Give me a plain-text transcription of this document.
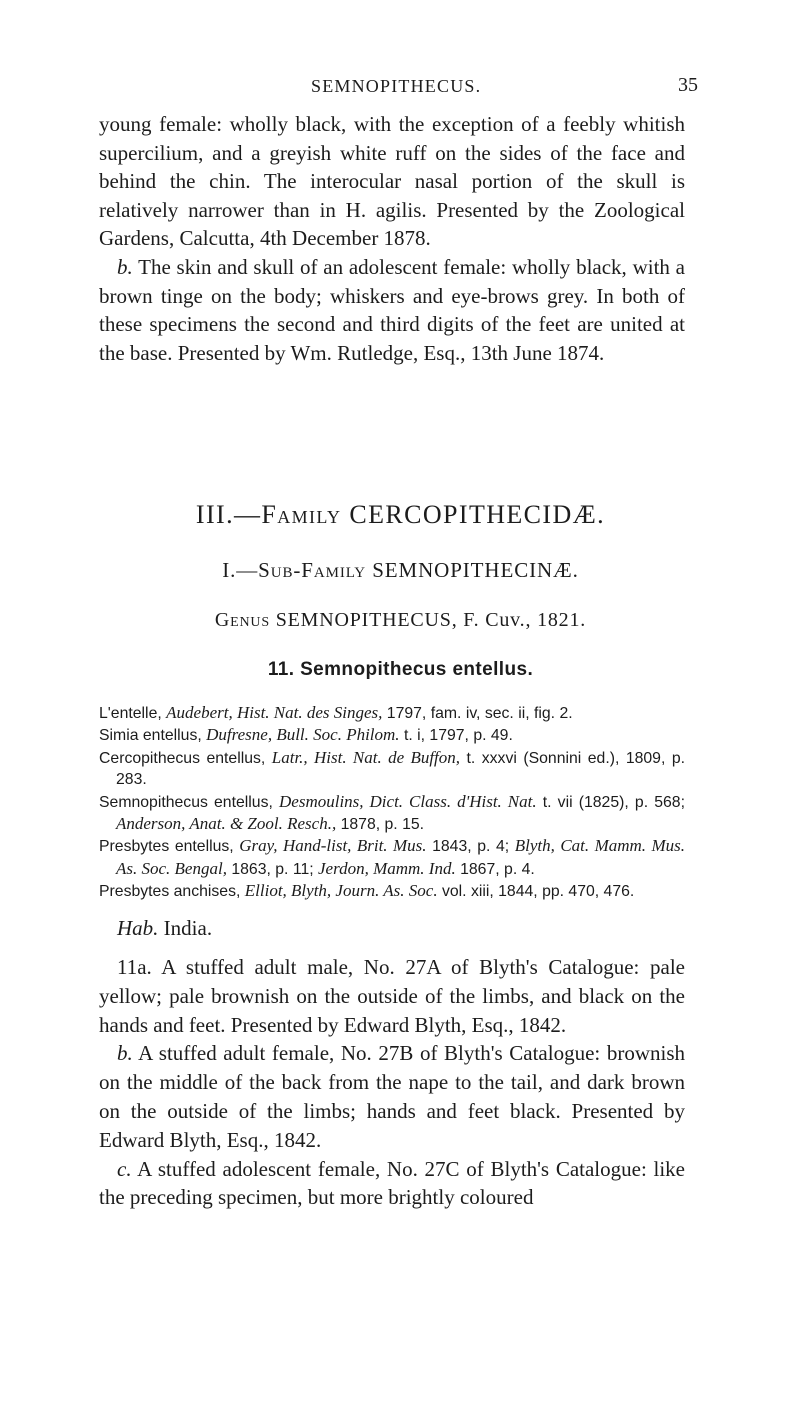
SEMNOPITHECUS.	35

young female: wholly black, with the exception of a feebly whitish supercilium, and a greyish white ruff on the sides of the face and behind the chin. The interocular nasal portion of the skull is relatively narrower than in H. agilis. Presented by the Zoological Gardens, Calcutta, 4th December 1878.

b. The skin and skull of an adolescent female: wholly black, with a brown tinge on the body; whiskers and eye-brows grey. In both of these specimens the second and third digits of the feet are united at the base. Presented by Wm. Rutledge, Esq., 13th June 1874.

III.—Family CERCOPITHECIDÆ.
I.—Sub-Family SEMNOPITHECINÆ.
Genus SEMNOPITHECUS, F. Cuv., 1821.
11. Semnopithecus entellus.

L'entelle, Audebert, Hist. Nat. des Singes, 1797, fam. iv, sec. ii, fig. 2.

Simia entellus, Dufresne, Bull. Soc. Philom. t. i, 1797, p. 49.

Cercopithecus entellus, Latr., Hist. Nat. de Buffon, t. xxxvi (Sonnini ed.), 1809, p. 283.

Semnopithecus entellus, Desmoulins, Dict. Class. d'Hist. Nat. t. vii (1825), p. 568; Anderson, Anat. & Zool. Resch., 1878, p. 15.

Presbytes entellus, Gray, Hand-list, Brit. Mus. 1843, p. 4; Blyth, Cat. Mamm. Mus. As. Soc. Bengal, 1863, p. 11; Jerdon, Mamm. Ind. 1867, p. 4.

Presbytes anchises, Elliot, Blyth, Journ. As. Soc. vol. xiii, 1844, pp. 470, 476.

Hab. India.

11a. A stuffed adult male, No. 27A of Blyth's Catalogue: pale yellow; pale brownish on the outside of the limbs, and black on the hands and feet. Presented by Edward Blyth, Esq., 1842.

b. A stuffed adult female, No. 27B of Blyth's Catalogue: brownish on the middle of the back from the nape to the tail, and dark brown on the outside of the limbs; hands and feet black. Presented by Edward Blyth, Esq., 1842.

c. A stuffed adolescent female, No. 27C of Blyth's Catalogue: like the preceding specimen, but more brightly coloured
